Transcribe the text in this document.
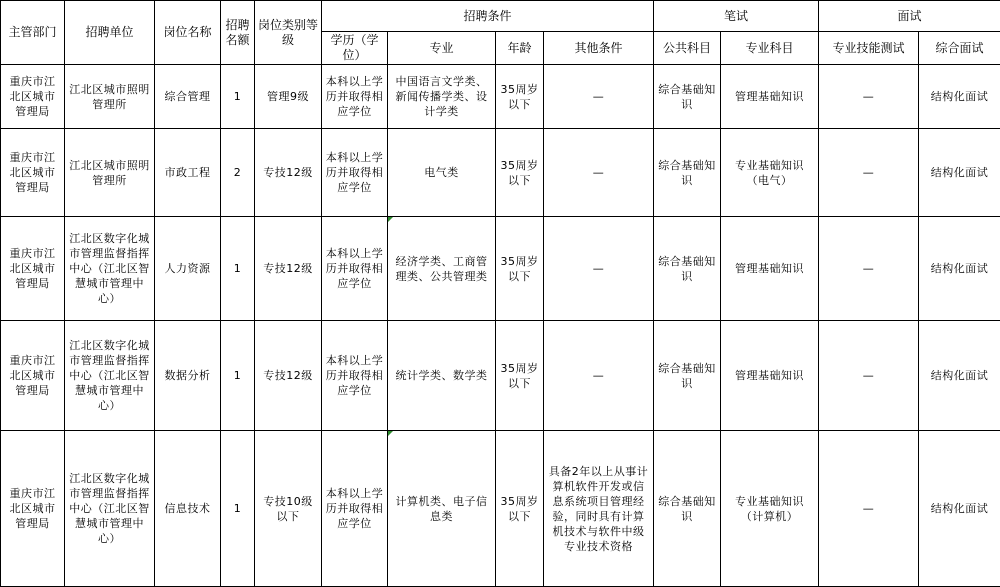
主管部门	招聘单位	岗位名称	招聘名额	岗位类别等级	招聘条件				笔试		面试	
					学历（学位）	专业	年龄	其他条件	公共科目	专业科目	专业技能测试	综合面试
重庆市江北区城市管理局	江北区城市照明管理所	综合管理	1	管理9级	本科以上学历并取得相应学位	中国语言文学类、新闻传播学类、设计学类	35周岁以下	—	综合基础知识	管理基础知识	—	结构化面试
重庆市江北区城市管理局	江北区城市照明管理所	市政工程	2	专技12级	本科以上学历并取得相应学位	电气类	35周岁以下	—	综合基础知识	专业基础知识（电气）	—	结构化面试
重庆市江北区城市管理局	江北区数字化城市管理监督指挥中心（江北区智慧城市管理中心）	人力资源	1	专技12级	本科以上学历并取得相应学位	经济学类、工商管理类、公共管理类	35周岁以下	—	综合基础知识	管理基础知识	—	结构化面试
重庆市江北区城市管理局	江北区数字化城市管理监督指挥中心（江北区智慧城市管理中心）	数据分析	1	专技12级	本科以上学历并取得相应学位	统计学类、数学类	35周岁以下	—	综合基础知识	管理基础知识	—	结构化面试
重庆市江北区城市管理局	江北区数字化城市管理监督指挥中心（江北区智慧城市管理中心）	信息技术	1	专技10级以下	本科以上学历并取得相应学位	计算机类、电子信息类	35周岁以下	具备2年以上从事计算机软件开发或信息系统项目管理经验，同时具有计算机技术与软件中级专业技术资格	综合基础知识	专业基础知识（计算机）	—	结构化面试
